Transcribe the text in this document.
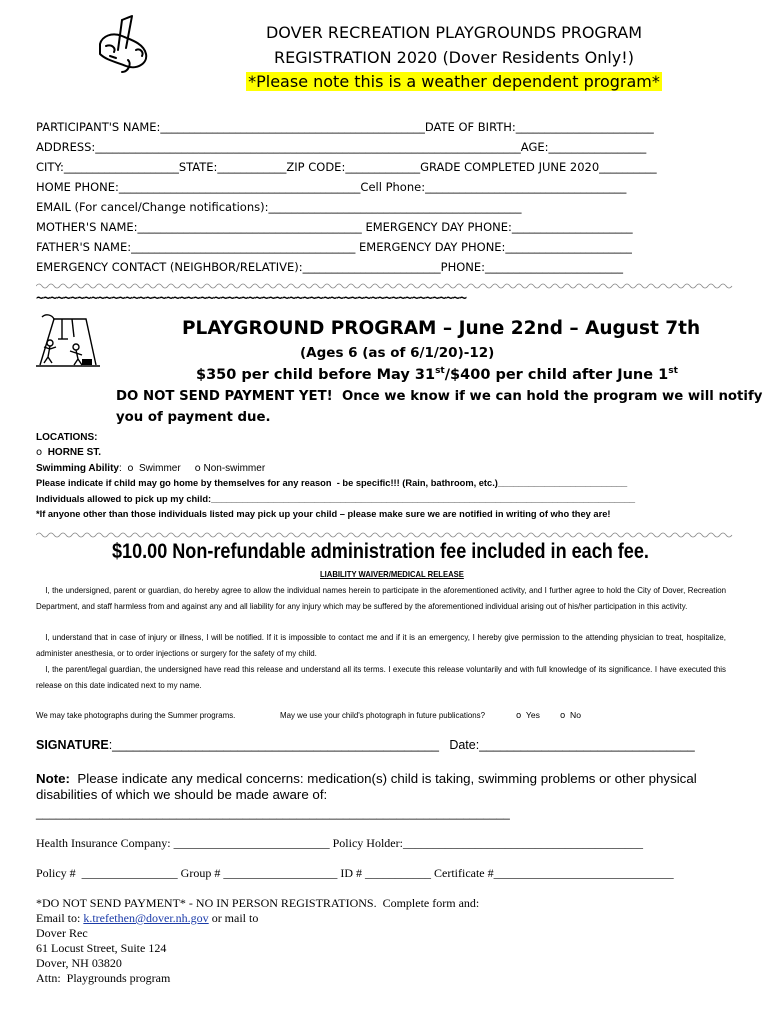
DOVER RECREATION PLAYGROUNDS PROGRAM
REGISTRATION 2020 (Dover Residents Only!)
*Please note this is a weather dependent program*
PARTICIPANT'S NAME:______________________________________________DATE OF BIRTH:________________________
ADDRESS:__________________________________________________________________________AGE:_________________
CITY:____________________STATE:____________ZIP CODE:_____________GRADE COMPLETED JUNE 2020__________
HOME PHONE:__________________________________________Cell Phone:___________________________________
EMAIL (For cancel/Change notifications):____________________________________________
MOTHER'S NAME:_______________________________________ EMERGENCY DAY PHONE:_____________________
FATHER'S NAME:_______________________________________ EMERGENCY DAY PHONE:______________________
EMERGENCY CONTACT (NEIGHBOR/RELATIVE):________________________PHONE:________________________
~~~~~~~~~~~~~~~~~~~~~~~~~~~~~~~~~~~~~~~~~~~~~~~~~~~~~~~~~~~~~~~
PLAYGROUND PROGRAM – June 22nd – August 7th
(Ages 6 (as of 6/1/20)-12)
$350 per child before May 31st/$400 per child after June 1st
DO NOT SEND PAYMENT YET!  Once we know if we can hold the program we will notify
you of payment due.
LOCATIONS:
o HORNE ST.
Swimming Ability:  o Swimmer o Non-swimmer
Please indicate if child may go home by themselves for any reason  - be specific!!! (Rain, bathroom, etc.)_________________________
Individuals allowed to pick up my child:__________________________________________________________________________________
*If anyone other than those individuals listed may pick up your child – please make sure we are notified in writing of who they are!
$10.00 Non-refundable administration fee included in each fee.
LIABILITY WAIVER/MEDICAL RELEASE
I, the undersigned, parent or guardian, do hereby agree to allow the individual names herein to participate in the aforementioned activity, and I further agree to hold the City of Dover, Recreation Department, and staff harmless from and against any and all liability for any injury which may be suffered by the aforementioned individual arising out of his/her participation in this activity.
I, understand that in case of injury or illness, I will be notified. If it is impossible to contact me and if it is an emergency, I hereby give permission to the attending physician to treat, hospitalize, administer anesthesia, or to order injections or surgery for the safety of my child.
I, the parent/legal guardian, the undersigned have read this release and understand all its terms. I execute this release voluntarily and with full knowledge of its significance. I have executed this release on this date indicated next to my name.
We may take photographs during the Summer programs.	May we use your child's photograph in future publications?	o Yes o No
SIGNATURE:_______________________________________________ Date:_______________________________
Note:  Please indicate any medical concerns: medication(s) child is taking, swimming problems or other physical
disabilities of which we should be made aware of:
_______________________________________________________________________
Health Insurance Company: __________________________ Policy Holder:________________________________________
Policy #  ________________ Group # ___________________ ID # ___________ Certificate #______________________________
*DO NOT SEND PAYMENT* - NO IN PERSON REGISTRATIONS.  Complete form and:
Email to: k.trefethen@dover.nh.gov or mail to
Dover Rec
61 Locust Street, Suite 124
Dover, NH 03820
Attn:  Playgrounds program
